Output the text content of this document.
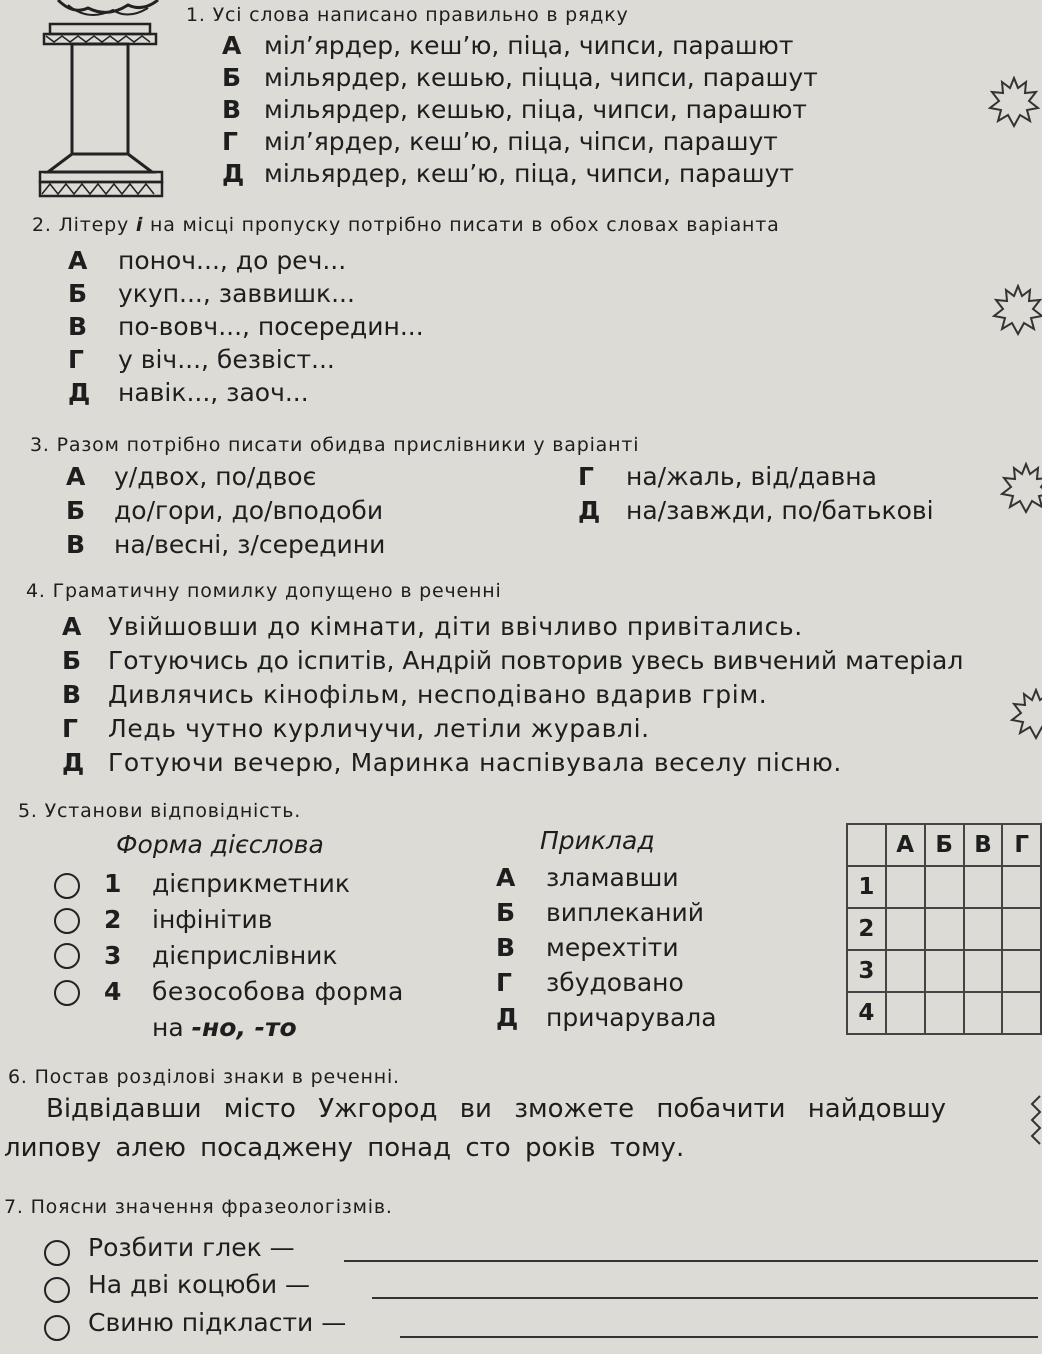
1. Усі слова написано правильно в рядку
А міл’ярдер, кеш’ю, піца, чипси, парашют
Б мільярдер, кешью, піцца, чипси, парашут
В мільярдер, кешью, піца, чипси, парашют
Г міл’ярдер, кеш’ю, піца, чіпси, парашут
Д мільярдер, кеш’ю, піца, чипси, парашут
2. Літеру і на місці пропуску потрібно писати в обох словах варіанта
А поноч..., до реч...
Б укуп..., заввишк...
В по-вовч..., посередин...
Г у віч..., безвіст...
Д навік..., заоч...
3. Разом потрібно писати обидва прислівники у варіанті
А у/двох, по/двоє
Б до/гори, до/вподоби
В на/весні, з/середини
Г на/жаль, від/давна
Д на/завжди, по/батькові
4. Граматичну помилку допущено в реченні
А Увійшовши до кімнати, діти ввічливо привітались.
Б Готуючись до іспитів, Андрій повторив увесь вивчений матеріал
В Дивлячись кінофільм, несподівано вдарив грім.
Г Ледь чутно курличучи, летіли журавлі.
Д Готуючи вечерю, Маринка наспівувала веселу пісню.
5. Установи відповідність.
Форма дієслова	Приклад
1 дієприкметник
2 інфінітив
3 дієприслівник
4 безособова форма
на -но, -то
А зламавши
Б виплеканий
В мерехтіти
Г збудовано
Д причарувала
	А	Б	В	Г
1				
2				
3				
4				
6. Постав розділові знаки в реченні.
Відвідавши місто Ужгород ви зможете побачити найдовшу
липову алею посаджену понад сто років тому.
7. Поясни значення фразеологізмів.
Розбити глек —
На дві коцюби —
Свиню підкласти —
